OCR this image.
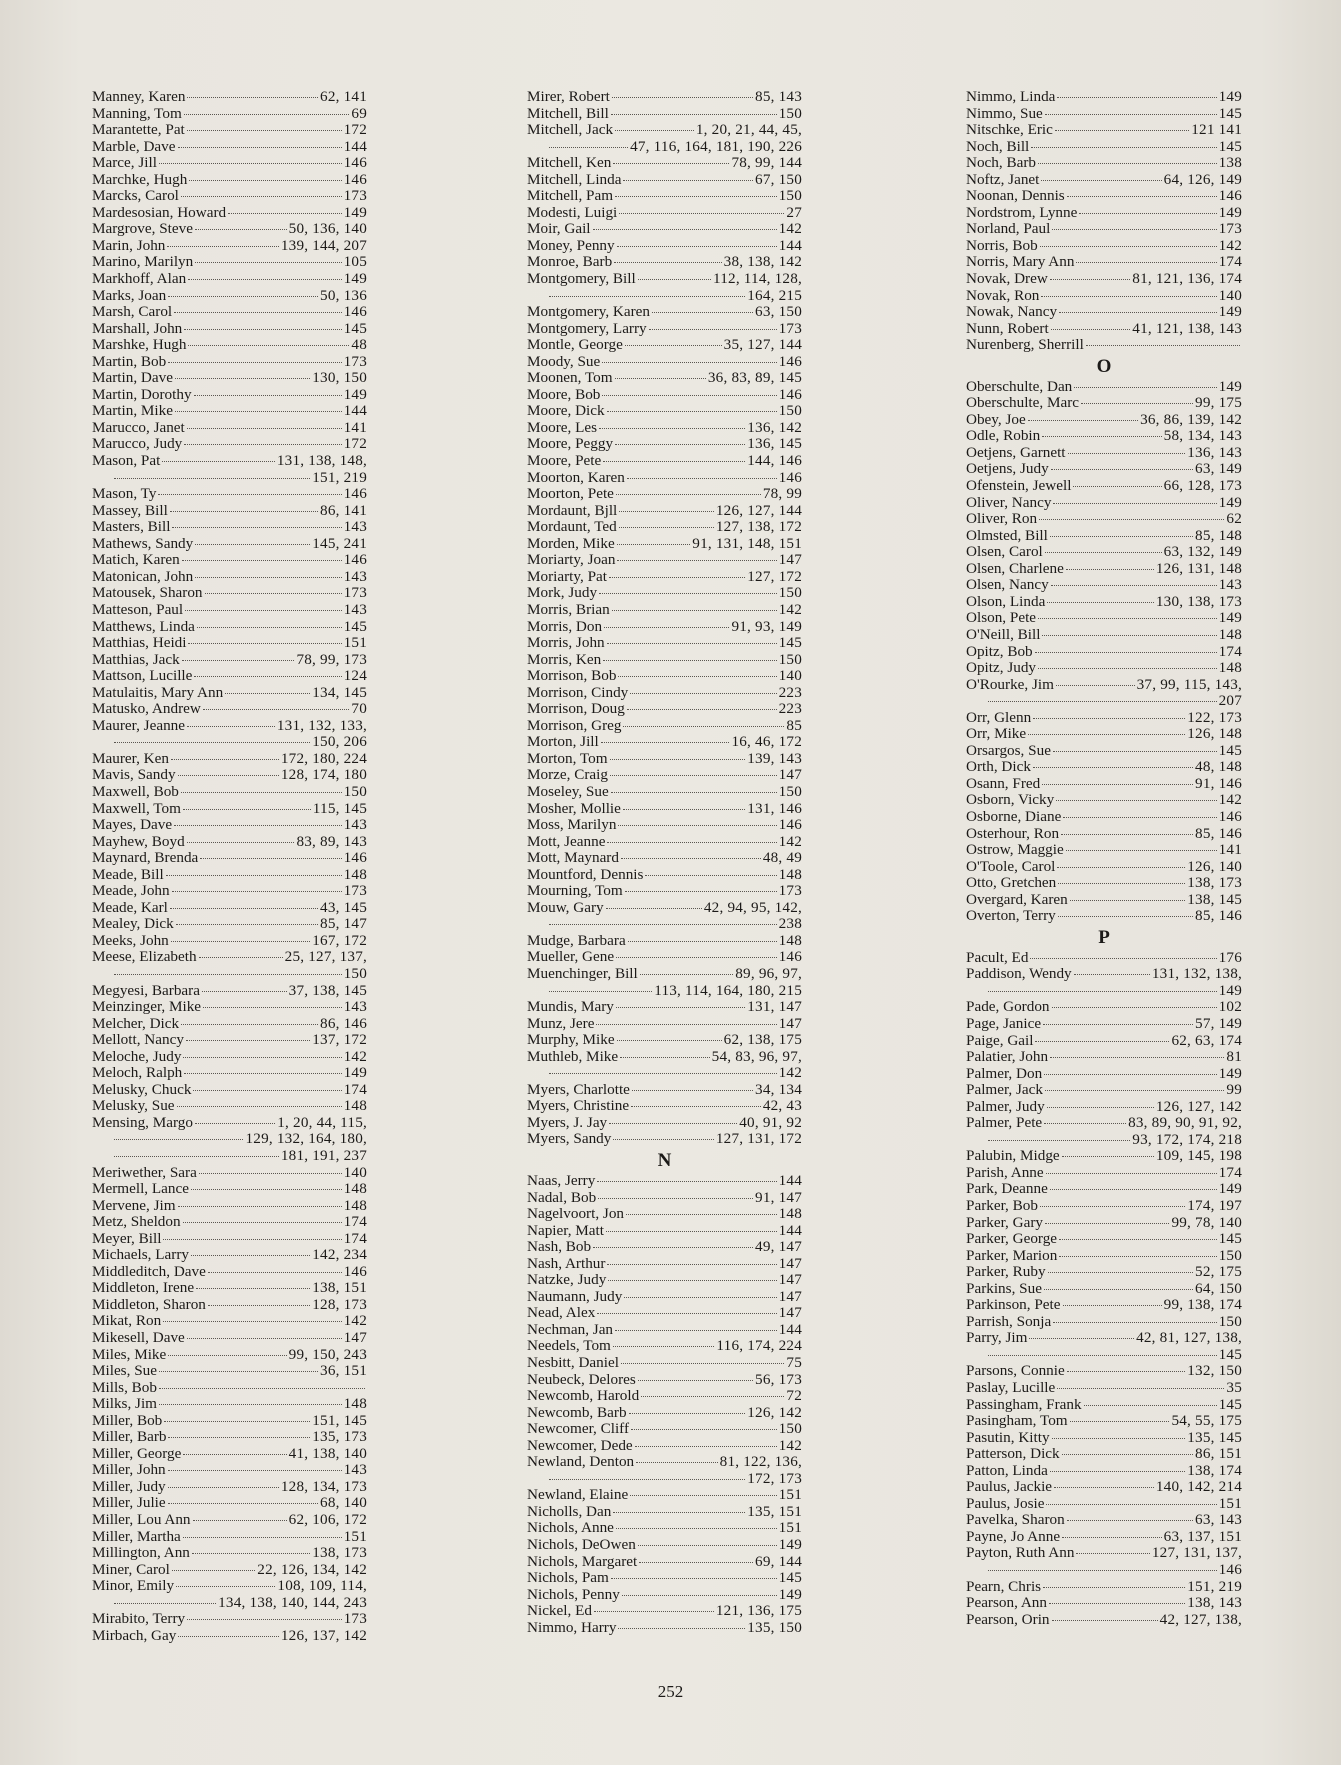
Manney, Karen	62, 141
Manning, Tom	69
Marantette, Pat	172
Marble, Dave	144
Marce, Jill	146
Marchke, Hugh	146
Marcks, Carol	173
Mardesosian, Howard	149
Margrove, Steve	50, 136, 140
Marin, John	139, 144, 207
Marino, Marilyn	105
Markhoff, Alan	149
Marks, Joan	50, 136
Marsh, Carol	146
Marshall, John	145
Marshke, Hugh	48
Martin, Bob	173
Martin, Dave	130, 150
Martin, Dorothy	149
Martin, Mike	144
Marucco, Janet	141
Marucco, Judy	172
Mason, Pat	131, 138, 148,
151, 219
Mason, Ty	146
Massey, Bill	86, 141
Masters, Bill	143
Mathews, Sandy	145, 241
Matich, Karen	146
Matonican, John	143
Matousek, Sharon	173
Matteson, Paul	143
Matthews, Linda	145
Matthias, Heidi	151
Matthias, Jack	78, 99, 173
Mattson, Lucille	124
Matulaitis, Mary Ann	134, 145
Matusko, Andrew	70
Maurer, Jeanne	131, 132, 133,
150, 206
Maurer, Ken	172, 180, 224
Mavis, Sandy	128, 174, 180
Maxwell, Bob	150
Maxwell, Tom	115, 145
Mayes, Dave	143
Mayhew, Boyd	83, 89, 143
Maynard, Brenda	146
Meade, Bill	148
Meade, John	173
Meade, Karl	43, 145
Mealey, Dick	85, 147
Meeks, John	167, 172
Meese, Elizabeth	25, 127, 137,
150
Megyesi, Barbara	37, 138, 145
Meinzinger, Mike	143
Melcher, Dick	86, 146
Mellott, Nancy	137, 172
Meloche, Judy	142
Meloch, Ralph	149
Melusky, Chuck	174
Melusky, Sue	148
Mensing, Margo	1, 20, 44, 115,
129, 132, 164, 180,
181, 191, 237
Meriwether, Sara	140
Mermell, Lance	148
Mervene, Jim	148
Metz, Sheldon	174
Meyer, Bill	174
Michaels, Larry	142, 234
Middleditch, Dave	146
Middleton, Irene	138, 151
Middleton, Sharon	128, 173
Mikat, Ron	142
Mikesell, Dave	147
Miles, Mike	99, 150, 243
Miles, Sue	36, 151
Mills, Bob
Milks, Jim	148
Miller, Bob	151, 145
Miller, Barb	135, 173
Miller, George	41, 138, 140
Miller, John	143
Miller, Judy	128, 134, 173
Miller, Julie	68, 140
Miller, Lou Ann	62, 106, 172
Miller, Martha	151
Millington, Ann	138, 173
Miner, Carol	22, 126, 134, 142
Minor, Emily	108, 109, 114,
134, 138, 140, 144, 243
Mirabito, Terry	173
Mirbach, Gay	126, 137, 142
Mirer, Robert	85, 143
Mitchell, Bill	150
Mitchell, Jack	1, 20, 21, 44, 45,
47, 116, 164, 181, 190, 226
Mitchell, Ken	78, 99, 144
Mitchell, Linda	67, 150
Mitchell, Pam	150
Modesti, Luigi	27
Moir, Gail	142
Money, Penny	144
Monroe, Barb	38, 138, 142
Montgomery, Bill	112, 114, 128,
164, 215
Montgomery, Karen	63, 150
Montgomery, Larry	173
Montle, George	35, 127, 144
Moody, Sue	146
Moonen, Tom	36, 83, 89, 145
Moore, Bob	146
Moore, Dick	150
Moore, Les	136, 142
Moore, Peggy	136, 145
Moore, Pete	144, 146
Moorton, Karen	146
Moorton, Pete	78, 99
Mordaunt, Bjll	126, 127, 144
Mordaunt, Ted	127, 138, 172
Morden, Mike	91, 131, 148, 151
Moriarty, Joan	147
Moriarty, Pat	127, 172
Mork, Judy	150
Morris, Brian	142
Morris, Don	91, 93, 149
Morris, John	145
Morris, Ken	150
Morrison, Bob	140
Morrison, Cindy	223
Morrison, Doug	223
Morrison, Greg	85
Morton, Jill	16, 46, 172
Morton, Tom	139, 143
Morze, Craig	147
Moseley, Sue	150
Mosher, Mollie	131, 146
Moss, Marilyn	146
Mott, Jeanne	142
Mott, Maynard	48, 49
Mountford, Dennis	148
Mourning, Tom	173
Mouw, Gary	42, 94, 95, 142,
238
Mudge, Barbara	148
Mueller, Gene	146
Muenchinger, Bill	89, 96, 97,
113, 114, 164, 180, 215
Mundis, Mary	131, 147
Munz, Jere	147
Murphy, Mike	62, 138, 175
Muthleb, Mike	54, 83, 96, 97,
142
Myers, Charlotte	34, 134
Myers, Christine	42, 43
Myers, J. Jay	40, 91, 92
Myers, Sandy	127, 131, 172
N
Naas, Jerry	144
Nadal, Bob	91, 147
Nagelvoort, Jon	148
Napier, Matt	144
Nash, Bob	49, 147
Nash, Arthur	147
Natzke, Judy	147
Naumann, Judy	147
Nead, Alex	147
Nechman, Jan	144
Needels, Tom	116, 174, 224
Nesbitt, Daniel	75
Neubeck, Delores	56, 173
Newcomb, Harold	72
Newcomb, Barb	126, 142
Newcomer, Cliff	150
Newcomer, Dede	142
Newland, Denton	81, 122, 136,
172, 173
Newland, Elaine	151
Nicholls, Dan	135, 151
Nichols, Anne	151
Nichols, DeOwen	149
Nichols, Margaret	69, 144
Nichols, Pam	145
Nichols, Penny	149
Nickel, Ed	121, 136, 175
Nimmo, Harry	135, 150
Nimmo, Linda	149
Nimmo, Sue	145
Nitschke, Eric	121 141
Noch, Bill	145
Noch, Barb	138
Noftz, Janet	64, 126, 149
Noonan, Dennis	146
Nordstrom, Lynne	149
Norland, Paul	173
Norris, Bob	142
Norris, Mary Ann	174
Novak, Drew	81, 121, 136, 174
Novak, Ron	140
Nowak, Nancy	149
Nunn, Robert	41, 121, 138, 143
Nurenberg, Sherrill
O
Oberschulte, Dan	149
Oberschulte, Marc	99, 175
Obey, Joe	36, 86, 139, 142
Odle, Robin	58, 134, 143
Oetjens, Garnett	136, 143
Oetjens, Judy	63, 149
Ofenstein, Jewell	66, 128, 173
Oliver, Nancy	149
Oliver, Ron	62
Olmsted, Bill	85, 148
Olsen, Carol	63, 132, 149
Olsen, Charlene	126, 131, 148
Olsen, Nancy	143
Olson, Linda	130, 138, 173
Olson, Pete	149
O'Neill, Bill	148
Opitz, Bob	174
Opitz, Judy	148
O'Rourke, Jim	37, 99, 115, 143,
207
Orr, Glenn	122, 173
Orr, Mike	126, 148
Orsargos, Sue	145
Orth, Dick	48, 148
Osann, Fred	91, 146
Osborn, Vicky	142
Osborne, Diane	146
Osterhour, Ron	85, 146
Ostrow, Maggie	141
O'Toole, Carol	126, 140
Otto, Gretchen	138, 173
Overgard, Karen	138, 145
Overton, Terry	85, 146
P
Pacult, Ed	176
Paddison, Wendy	131, 132, 138,
149
Pade, Gordon	102
Page, Janice	57, 149
Paige, Gail	62, 63, 174
Palatier, John	81
Palmer, Don	149
Palmer, Jack	99
Palmer, Judy	126, 127, 142
Palmer, Pete	83, 89, 90, 91, 92,
93, 172, 174, 218
Palubin, Midge	109, 145, 198
Parish, Anne	174
Park, Deanne	149
Parker, Bob	174, 197
Parker, Gary	99, 78, 140
Parker, George	145
Parker, Marion	150
Parker, Ruby	52, 175
Parkins, Sue	64, 150
Parkinson, Pete	99, 138, 174
Parrish, Sonja	150
Parry, Jim	42, 81, 127, 138,
145
Parsons, Connie	132, 150
Paslay, Lucille	35
Passingham, Frank	145
Pasingham, Tom	54, 55, 175
Pasutin, Kitty	135, 145
Patterson, Dick	86, 151
Patton, Linda	138, 174
Paulus, Jackie	140, 142, 214
Paulus, Josie	151
Pavelka, Sharon	63, 143
Payne, Jo Anne	63, 137, 151
Payton, Ruth Ann	127, 131, 137,
146
Pearn, Chris	151, 219
Pearson, Ann	138, 143
Pearson, Orin	42, 127, 138,
252
